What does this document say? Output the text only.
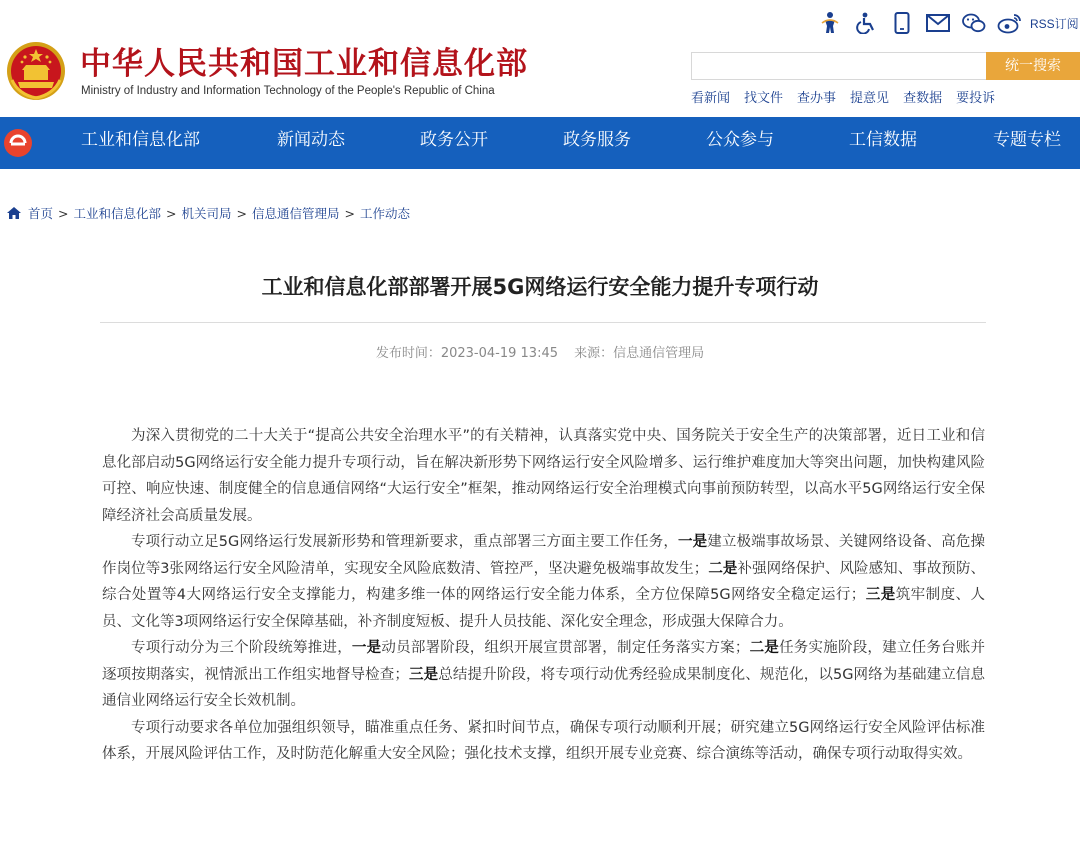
中华人民共和国工业和信息化部
Ministry of Industry and Information Technology of the People's Republic of China
RSS订阅
统一搜索
看新闻 找文件 查办事 提意见 查数据 要投诉
工业和信息化部	新闻动态	政务公开	政务服务	公众参与	工信数据	专题专栏
首页 > 工业和信息化部 > 机关司局 > 信息通信管理局 > 工作动态
工业和信息化部部署开展5G网络运行安全能力提升专项行动
发布时间：2023-04-19 13:45 来源：信息通信管理局

为深入贯彻党的二十大关于“提高公共安全治理水平”的有关精神，认真落实党中央、国务院关于安全生产的决策部署，近日工业和信息化部启动5G网络运行安全能力提升专项行动，旨在解决新形势下网络运行安全风险增多、运行维护难度加大等突出问题，加快构建风险可控、响应快速、制度健全的信息通信网络“大运行安全”框架，推动网络运行安全治理模式向事前预防转型，以高水平5G网络运行安全保障经济社会高质量发展。

专项行动立足5G网络运行发展新形势和管理新要求，重点部署三方面主要工作任务，一是建立极端事故场景、关键网络设备、高危操作岗位等3张网络运行安全风险清单，实现安全风险底数清、管控严，坚决避免极端事故发生；二是补强网络保护、风险感知、事故预防、综合处置等4大网络运行安全支撑能力，构建多维一体的网络运行安全能力体系，全方位保障5G网络安全稳定运行；三是筑牢制度、人员、文化等3项网络运行安全保障基础，补齐制度短板、提升人员技能、深化安全理念，形成强大保障合力。

专项行动分为三个阶段统筹推进，一是动员部署阶段，组织开展宣贯部署，制定任务落实方案；二是任务实施阶段，建立任务台账并逐项按期落实，视情派出工作组实地督导检查；三是总结提升阶段，将专项行动优秀经验成果制度化、规范化，以5G网络为基础建立信息通信业网络运行安全长效机制。

专项行动要求各单位加强组织领导，瞄准重点任务、紧扣时间节点，确保专项行动顺利开展；研究建立5G网络运行安全风险评估标准体系，开展风险评估工作，及时防范化解重大安全风险；强化技术支撑，组织开展专业竞赛、综合演练等活动，确保专项行动取得实效。
